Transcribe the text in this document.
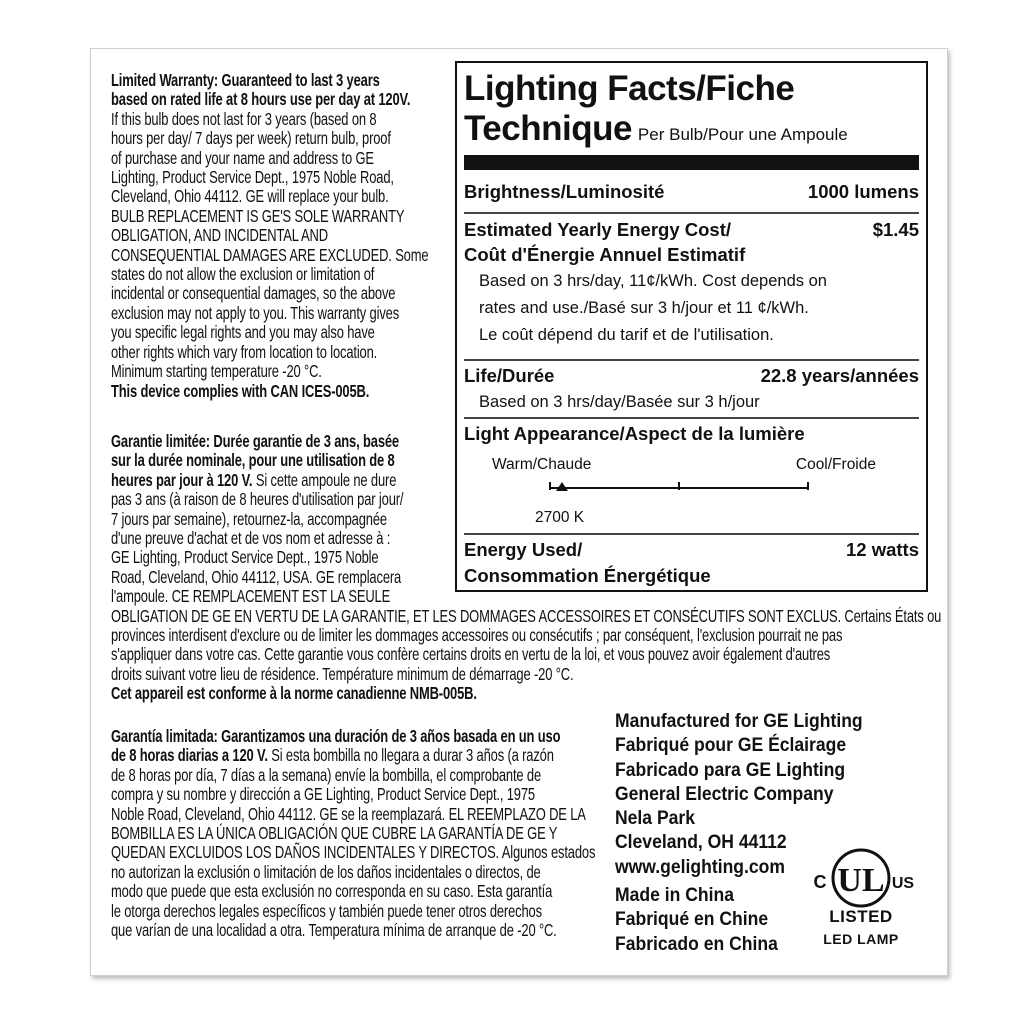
Limited Warranty: Guaranteed to last 3 years
based on rated life at 8 hours use per day at 120V.
If this bulb does not last for 3 years (based on 8
hours per day/ 7 days per week) return bulb, proof
of purchase and your name and address to GE
Lighting, Product Service Dept., 1975 Noble Road,
Cleveland, Ohio 44112. GE will replace your bulb.
BULB REPLACEMENT IS GE'S SOLE WARRANTY
OBLIGATION, AND INCIDENTAL AND
CONSEQUENTIAL DAMAGES ARE EXCLUDED. Some
states do not allow the exclusion or limitation of
incidental or consequential damages, so the above
exclusion may not apply to you. This warranty gives
you specific legal rights and you may also have
other rights which vary from location to location.
Minimum starting temperature -20 °C.
This device complies with CAN ICES-005B.
Garantie limitée: Durée garantie de 3 ans, basée
sur la durée nominale, pour une utilisation de 8
heures par jour à 120 V. Si cette ampoule ne dure
pas 3 ans (à raison de 8 heures d'utilisation par jour/
7 jours par semaine), retournez-la, accompagnée
d'une preuve d'achat et de vos nom et adresse à :
GE Lighting, Product Service Dept., 1975 Noble
Road, Cleveland, Ohio 44112, USA. GE remplacera
l'ampoule. CE REMPLACEMENT EST LA SEULE
OBLIGATION DE GE EN VERTU DE LA GARANTIE, ET LES DOMMAGES ACCESSOIRES ET CONSÉCUTIFS SONT EXCLUS. Certains États ou
provinces interdisent d'exclure ou de limiter les dommages accessoires ou consécutifs ; par conséquent, l'exclusion pourrait ne pas
s'appliquer dans votre cas. Cette garantie vous confère certains droits en vertu de la loi, et vous pouvez avoir également d'autres
droits suivant votre lieu de résidence. Température minimum de démarrage -20 °C.
Cet appareil est conforme à la norme canadienne NMB-005B.
Garantía limitada: Garantizamos una duración de 3 años basada en un uso
de 8 horas diarias a 120 V. Si esta bombilla no llegara a durar 3 años (a razón
de 8 horas por día, 7 días a la semana) envíe la bombilla, el comprobante de
compra y su nombre y dirección a GE Lighting, Product Service Dept., 1975
Noble Road, Cleveland, Ohio 44112. GE se la reemplazará. EL REEMPLAZO DE LA
BOMBILLA ES LA ÚNICA OBLIGACIÓN QUE CUBRE LA GARANTÍA DE GE Y
QUEDAN EXCLUIDOS LOS DAÑOS INCIDENTALES Y DIRECTOS. Algunos estados
no autorizan la exclusión o limitación de los daños incidentales o directos, de
modo que puede que esta exclusión no corresponda en su caso. Esta garantía
le otorga derechos legales específicos y también puede tener otros derechos
que varían de una localidad a otra. Temperatura mínima de arranque de -20 °C.
Lighting Facts/Fiche
Technique Per Bulb/Pour une Ampoule
Brightness/Luminosité	1000 lumens
Estimated Yearly Energy Cost/
Coût d'Énergie Annuel Estimatif
$1.45
Based on 3 hrs/day, 11¢/kWh. Cost depends on
rates and use./Basé sur 3 h/jour et 11 ¢/kWh.
Le coût dépend du tarif et de l'utilisation.
Life/Durée	22.8 years/années
Based on 3 hrs/day/Basée sur 3 h/jour
Light Appearance/Aspect de la lumière
Warm/Chaude	Cool/Froide
2700 K
Energy Used/
Consommation Énergétique
12 watts
Manufactured for GE Lighting
Fabriqué pour GE Éclairage
Fabricado para GE Lighting
General Electric Company
Nela Park
Cleveland, OH 44112
www.gelighting.com
Made in China
Fabriqué en Chine
Fabricado en China
UL
C	US
LISTED
LED LAMP
